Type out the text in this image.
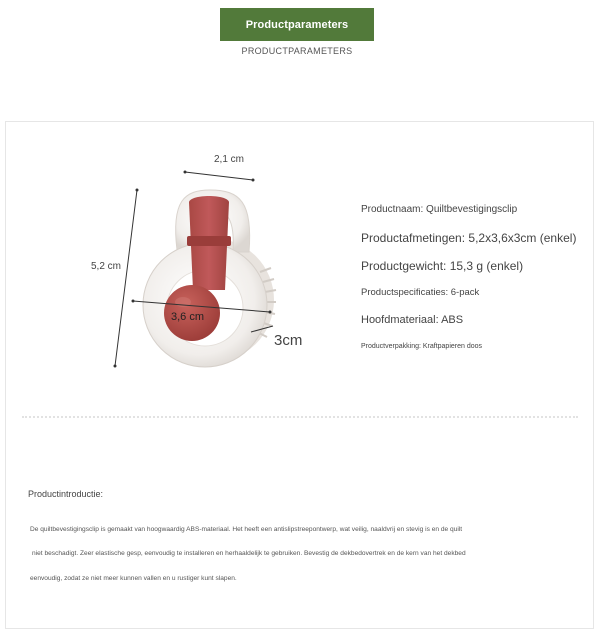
Productparameters
PRODUCTPARAMETERS
2,1 cm
5,2 cm
3,6 cm
3cm
Productnaam: Quiltbevestigingsclip
Productafmetingen: 5,2x3,6x3cm (enkel)
Productgewicht: 15,3 g (enkel)
Productspecificaties: 6-pack
Hoofdmateriaal: ABS
Productverpakking: Kraftpapieren doos
Productintroductie:
De quiltbevestigingsclip is gemaakt van hoogwaardig ABS-materiaal. Het heeft een antislipstreepontwerp, wat veilig, naaldvrij en stevig is en de quilt
niet beschadigt. Zeer elastische gesp, eenvoudig te installeren en herhaaldelijk te gebruiken. Bevestig de dekbedovertrek en de kern van het dekbed
eenvoudig, zodat ze niet meer kunnen vallen en u rustiger kunt slapen.
